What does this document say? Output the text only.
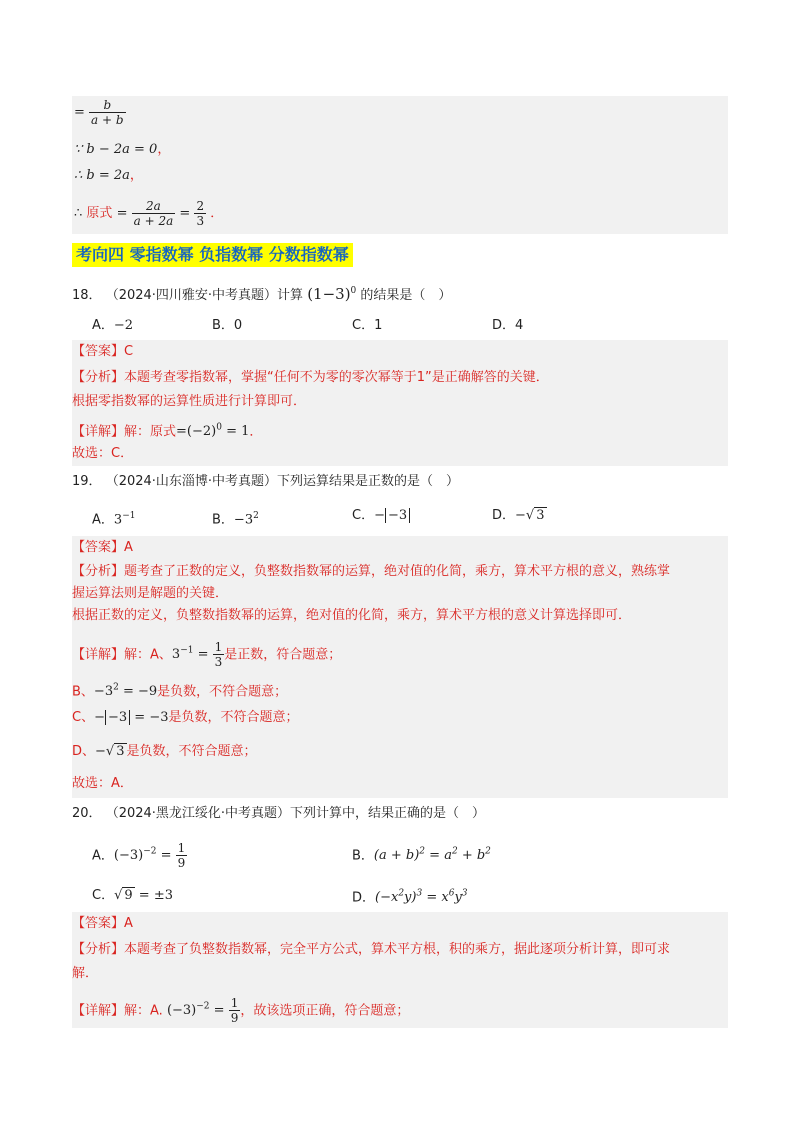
= $\frac{b}{a + b}$
∵ b − 2a = 0，
∴ b = 2a，
∴ 原式 = $\frac{2a}{a + 2a} = \frac{2}{3}$ ．
考向四 零指数幂 负指数幂 分数指数幂
18． （2024·四川雅安·中考真题）计算 $(1-3)^0$ 的结果是（　）
A．−2	B．0	C．1	D．4
【答案】C
【分析】本题考查零指数幂，掌握“任何不为零的零次幂等于1”是正确解答的关键．
根据零指数幂的运算性质进行计算即可．
【详解】解：原式$=(-2)^0 = 1$．
故选：C．
19． （2024·山东淄博·中考真题）下列运算结果是正数的是（　）
A．$3^{-1}$	B．$-3^2$	C．− −3	D．−√ 3
【答案】A
【分析】题考查了正数的定义，负整数指数幂的运算，绝对值的化简，乘方，算术平方根的意义，熟练掌
握运算法则是解题的关键．
根据正数的定义，负整数指数幂的运算，绝对值的化简，乘方，算术平方根的意义计算选择即可．
【详解】解：A、$3^{-1} = \frac{1}{3}$ 是正数，符合题意；
B、$-3^2 = -9$是负数，不符合题意；
C、− −3 = −3是负数，不符合题意；
D、−√ 3 是负数，不符合题意；
故选：A．
20． （2024·黑龙江绥化·中考真题）下列计算中，结果正确的是（　）
A．$(-3)^{-2} = \frac{1}{9}$	B．$(a + b)^2 = a^2 + b^2$
C．√ 9 = ±3	D．$(-x^2y)^3 = x^6y^3$
【答案】A
【分析】本题考查了负整数指数幂，完全平方公式，算术平方根，积的乘方，据此逐项分析计算，即可求
解．
【详解】解：A. $(-3)^{-2} = \frac{1}{9}$ ，故该选项正确，符合题意；
